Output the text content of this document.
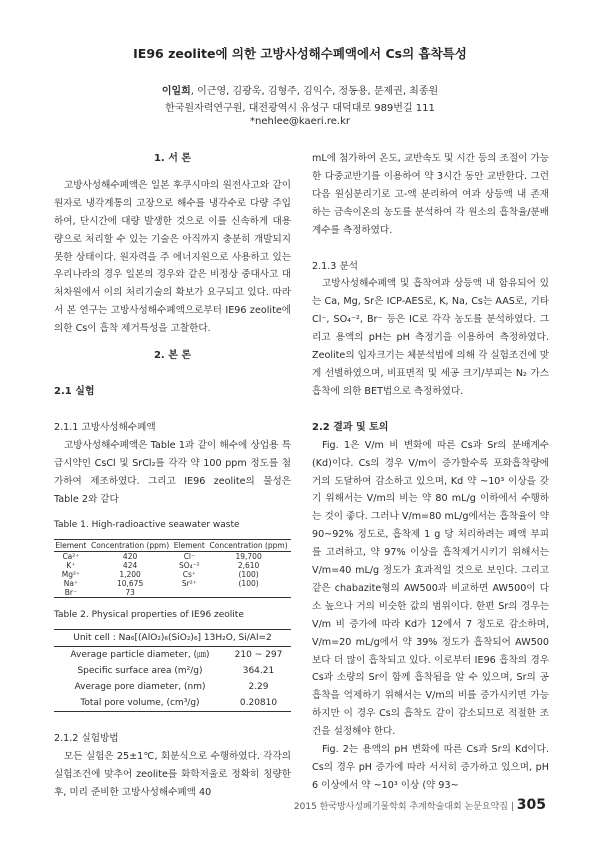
IE96 zeolite에 의한 고방사성해수폐액에서 Cs의 흡착특성
이일희, 이근영, 김광욱, 김형주, 김익수, 정동용, 문제권, 최종원
한국원자력연구원, 대전광역시 유성구 대덕대로 989번길 111
*nehlee@kaeri.re.kr
1. 서 론

고방사성해수폐액은 일본 후쿠시마의 원전사고와 같이 원자로 냉각계통의 고장으로 해수를 냉각수로 다량 주입하여, 단시간에 대량 발생한 것으로 이를 신속하게 대용량으로 처리할 수 있는 기술은 아직까지 충분히 개발되지 못한 상태이다. 원자력을 주 에너지원으로 사용하고 있는 우리나라의 경우 일본의 경우와 같은 비정상 중대사고 대처차원에서 이의 처리기술의 확보가 요구되고 있다. 따라서 본 연구는 고방사성해수폐액으로부터 IE96 zeolite에 의한 Cs이 흡착 제거특성을 고찰한다.

2. 본 론
2.1 실험
2.1.1 고방사성해수폐액

고방사성해수폐액은 Table 1과 같이 해수에 상업용 특급시약인 CsCl 및 SrCl₂를 각각 약 100 ppm 정도를 첨가하여 제조하였다. 그리고 IE96 zeolite의 물성은 Table 2와 같다

Table 1. High-radioactive seawater waste
Element	Concentration (ppm)	Element	Concentration (ppm)
Ca²⁺	420	Cl⁻	19,700
K⁺	424	SO₄⁻²	2,610
Mg²⁺	1,200	Cs⁺	(100)
Na⁺	10,675	Sr²⁺	(100)
Br⁻	73		
Table 2. Physical properties of IE96 zeolite
Unit cell : Na₆[(AlO₂)₆(SiO₂)₆] 13H₂O, Si/Al=2	
Average particle diameter, (㎛)	210 ~ 297
Specific surface area (m²/g)	364.21
Average pore diameter, (nm)	2.29
Total pore volume, (cm³/g)	0.20810
2.1.2 실험방법

모든 실험은 25±1℃, 회분식으로 수행하였다. 각각의 실험조건에 맞추어 zeolite를 화학저울로 정확히 칭량한 후, 미리 준비한 고방사성해수폐액 40

mL에 첨가하여 온도, 교반속도 및 시간 등의 조절이 가능한 다중교반기를 이용하여 약 3시간 동안 교반한다. 그런 다음 원심분리기로 고-액 분리하여 여과 상등액 내 존재하는 금속이온의 농도를 분석하여 각 원소의 흡착율/분배계수를 측정하였다.

2.1.3 분석

고방사성해수폐액 및 흡착여과 상등액 내 함유되어 있는 Ca, Mg, Sr은 ICP-AES로, K, Na, Cs는 AAS로, 기타 Cl⁻, SO₄⁻², Br⁻ 등은 IC로 각각 농도를 분석하였다. 그리고 용액의 pH는 pH 측정기을 이용하여 측정하였다. Zeolite의 입자크기는 체분석법에 의해 각 실험조건에 맞게 선별하였으며, 비표면적 및 세공 크기/부피는 N₂ 가스 흡착에 의한 BET법으로 측정하였다.

2.2 결과 및 토의

Fig. 1은 V/m 비 변화에 따른 Cs과 Sr의 분배계수(Kd)이다. Cs의 경우 V/m이 증가할수록 포화흡착량에 거의 도달하여 감소하고 있으며, Kd 약 ~10³ 이상을 갖기 위해서는 V/m의 비는 약 80 mL/g 이하에서 수행하는 것이 좋다. 그러나 V/m=80 mL/g에서는 흡착율이 약 90~92% 정도로, 흡착제 1 g 당 처리하려는 폐액 부피를 고려하고, 약 97% 이상을 흡착제거시키기 위해서는 V/m=40 mL/g 정도가 효과적일 것으로 보인다. 그리고 같은 chabazite형의 AW500과 비교하면 AW500이 다소 높으나 거의 비슷한 값의 범위이다. 한편 Sr의 경우는 V/m 비 증가에 따라 Kd가 12에서 7 정도로 감소하며, V/m=20 mL/g에서 약 39% 정도가 흡착되어 AW500 보다 더 많이 흡착되고 있다. 이로부터 IE96 흡착의 경우 Cs과 소량의 Sr이 함께 흡착됨을 알 수 있으며, Sr의 공흡착을 억제하기 위해서는 V/m의 비를 증가시키면 가능하지만 이 경우 Cs의 흡착도 같이 감소되므로 적절한 조건을 설정해야 한다.

Fig. 2는 용액의 pH 변화에 따른 Cs과 Sr의 Kd이다. Cs의 경우 pH 증가에 따라 서서히 증가하고 있으며, pH 6 이상에서 약 ~10³ 이상 (약 93~

2015 한국방사성폐기물학회 추계학술대회 논문요약집 | 305
